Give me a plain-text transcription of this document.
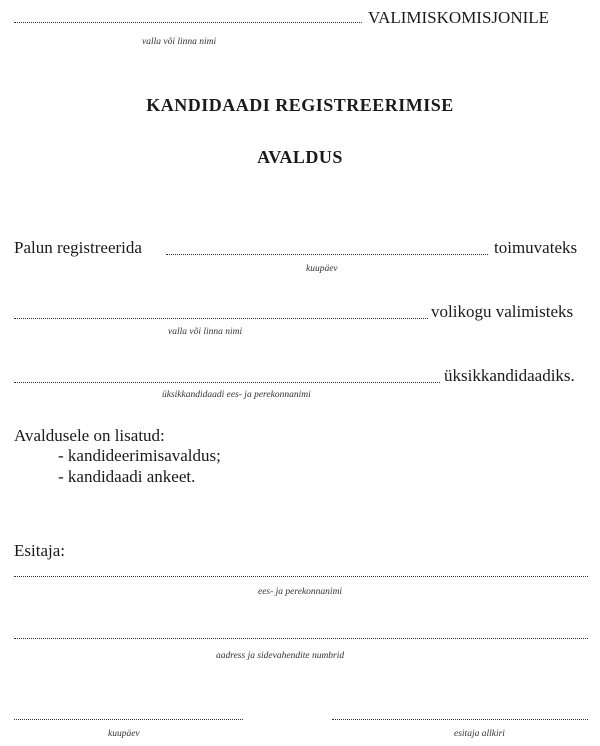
VALIMISKOMISJONILE
valla või linna nimi
KANDIDAADI REGISTREERIMISE
AVALDUS
Palun registreerida	toimuvateks
kuupäev
volikogu valimisteks
valla või linna nimi
üksikkandidaadiks.
üksikkandidaadi ees- ja perekonnanimi
Avaldusele on lisatud:
- kandideerimisavaldus;
- kandidaadi ankeet.
Esitaja:
ees- ja perekonnanimi
aadress ja sidevahendite numbrid
kuupäev	esitaja allkiri
